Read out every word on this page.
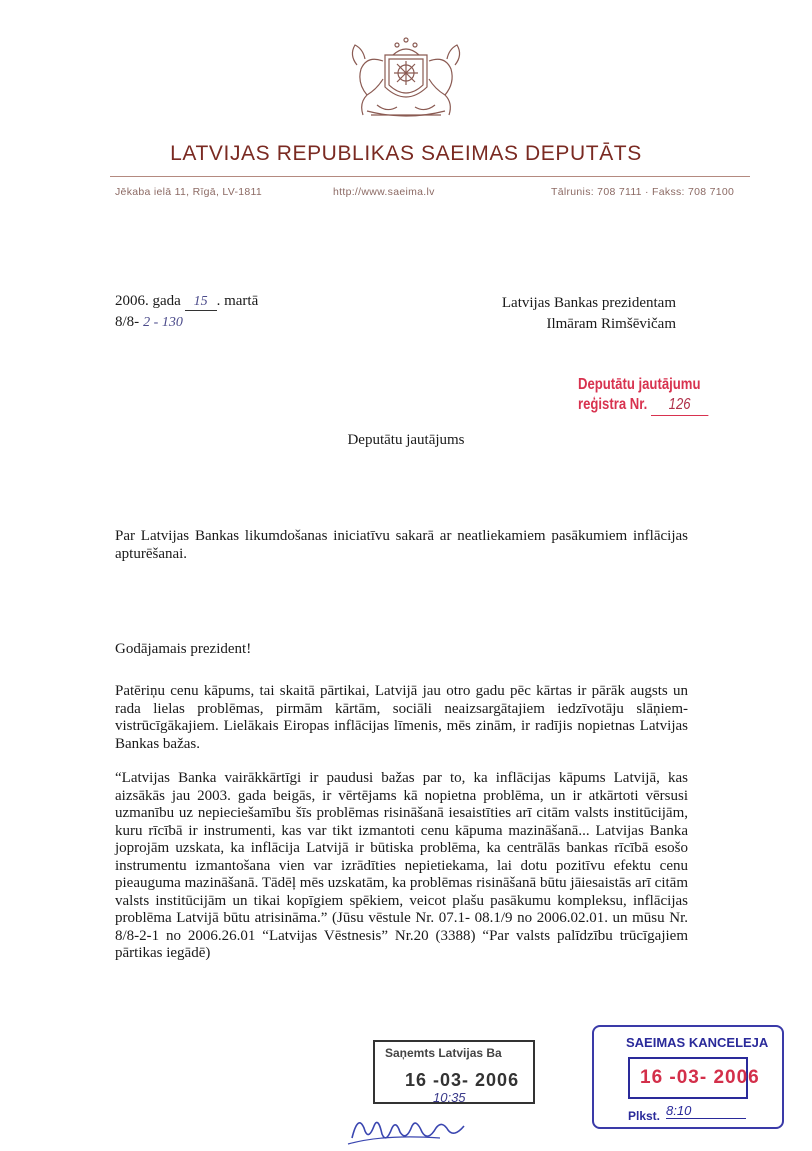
LATVIJAS REPUBLIKAS SAEIMAS DEPUTĀTS
Jēkaba ielā 11, Rīgā, LV-1811	http://www.saeima.lv	Tālrunis: 708 7111 · Fakss: 708 7100
2006. gada 15 . martā
8/8- 2 - 130
Latvijas Bankas prezidentam
Ilmāram Rimšēvičam
Deputātu jautājumu
reģistra Nr. 126
Deputātu jautājums
Par Latvijas Bankas likumdošanas iniciatīvu sakarā ar neatliekamiem pasākumiem inflācijas apturēšanai.
Godājamais prezident!
Patēriņu cenu kāpums, tai skaitā pārtikai, Latvijā jau otro gadu pēc kārtas ir pārāk augsts un rada lielas problēmas, pirmām kārtām, sociāli neaizsargātajiem iedzīvotāju slāņiem-vistrūcīgākajiem. Lielākais Eiropas inflācijas līmenis, mēs zinām, ir radījis nopietnas Latvijas Bankas bažas.
“Latvijas Banka vairākkārtīgi ir paudusi bažas par to, ka inflācijas kāpums Latvijā, kas aizsākās jau 2003. gada beigās, ir vērtējams kā nopietna problēma, un ir atkārtoti vērsusi uzmanību uz nepieciešamību šīs problēmas risināšanā iesaistīties arī citām valsts institūcijām, kuru rīcībā ir instrumenti, kas var tikt izmantoti cenu kāpuma mazināšanā... Latvijas Banka joprojām uzskata, ka inflācija Latvijā ir būtiska problēma, ka centrālās bankas rīcībā esošo instrumentu izmantošana vien var izrādīties nepietiekama, lai dotu pozitīvu efektu cenu pieauguma mazināšanā. Tādēļ mēs uzskatām, ka problēmas risināšanā būtu jāiesaistās arī citām valsts institūcijām un tikai kopīgiem spēkiem, veicot plašu pasākumu kompleksu, inflācijas problēma Latvijā būtu atrisināma.” (Jūsu vēstule Nr. 07.1- 08.1/9 no 2006.02.01. un mūsu Nr. 8/8-2-1 no 2006.26.01 “Latvijas Vēstnesis” Nr.20 (3388) “Par valsts palīdzību trūcīgajiem pārtikas iegādē)
Saņemts Latvijas Ba
16 -03- 2006
10:35
SAEIMAS KANCELEJA
16 -03- 2006
Plkst. 8:10
